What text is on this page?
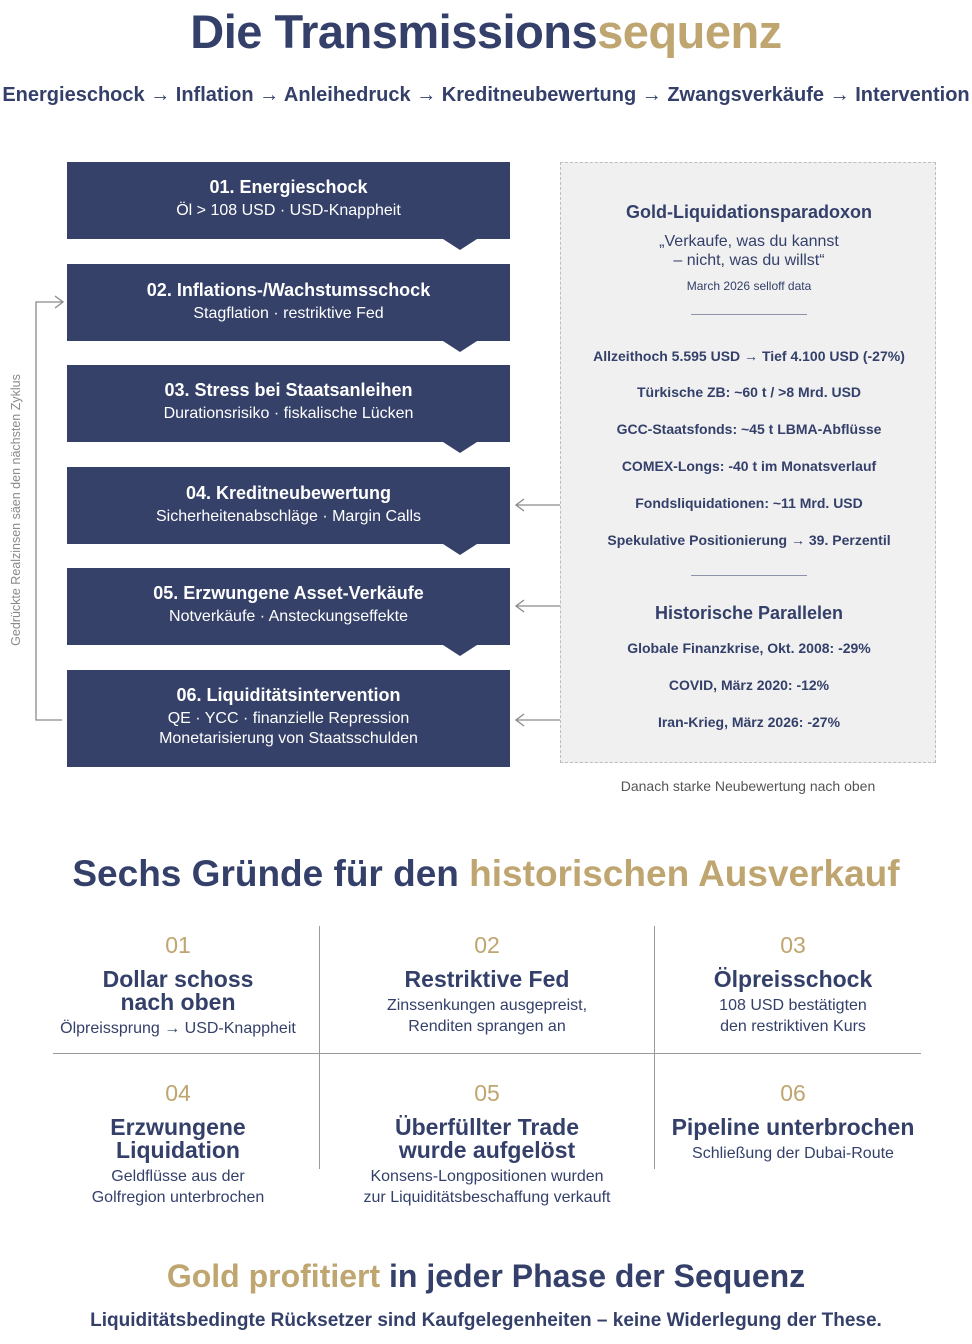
Die Transmissionssequenz
Energieschock → Inflation → Anleihedruck → Kreditneubewertung → Zwangsverkäufe → Intervention
01. Energieschock
Öl > 108 USD · USD-Knappheit
02. Inflations-/Wachstumsschock
Stagflation · restriktive Fed
03. Stress bei Staatsanleihen
Durationsrisiko · fiskalische Lücken
04. Kreditneubewertung
Sicherheitenabschläge · Margin Calls
05. Erzwungene Asset-Verkäufe
Notverkäufe · Ansteckungseffekte
06. Liquiditätsintervention
QE · YCC · finanzielle Repression
Monetarisierung von Staatsschulden
Gedrückte Realzinsen säen den nächsten Zyklus
Gold-Liquidationsparadoxon
„Verkaufe, was du kannst
– nicht, was du willst“
March 2026 selloff data
Allzeithoch 5.595 USD → Tief 4.100 USD (-27%)
Türkische ZB: ~60 t / >8 Mrd. USD
GCC-Staatsfonds: ~45 t LBMA-Abflüsse
COMEX-Longs: -40 t im Monatsverlauf
Fondsliquidationen: ~11 Mrd. USD
Spekulative Positionierung → 39. Perzentil
Historische Parallelen
Globale Finanzkrise, Okt. 2008: -29%
COVID, März 2020: -12%
Iran-Krieg, März 2026: -27%
Danach starke Neubewertung nach oben
Sechs Gründe für den historischen Ausverkauf
01
Dollar schoss
nach oben
Ölpreissprung → USD-Knappheit
02
Restriktive Fed
Zinssenkungen ausgepreist,
Renditen sprangen an
03
Ölpreisschock
108 USD bestätigten
den restriktiven Kurs
04
Erzwungene
Liquidation
Geldflüsse aus der
Golfregion unterbrochen
05
Überfüllter Trade
wurde aufgelöst
Konsens-Longpositionen wurden
zur Liquiditätsbeschaffung verkauft
06
Pipeline unterbrochen
Schließung der Dubai-Route
Gold profitiert in jeder Phase der Sequenz
Liquiditätsbedingte Rücksetzer sind Kaufgelegenheiten – keine Widerlegung der These.
